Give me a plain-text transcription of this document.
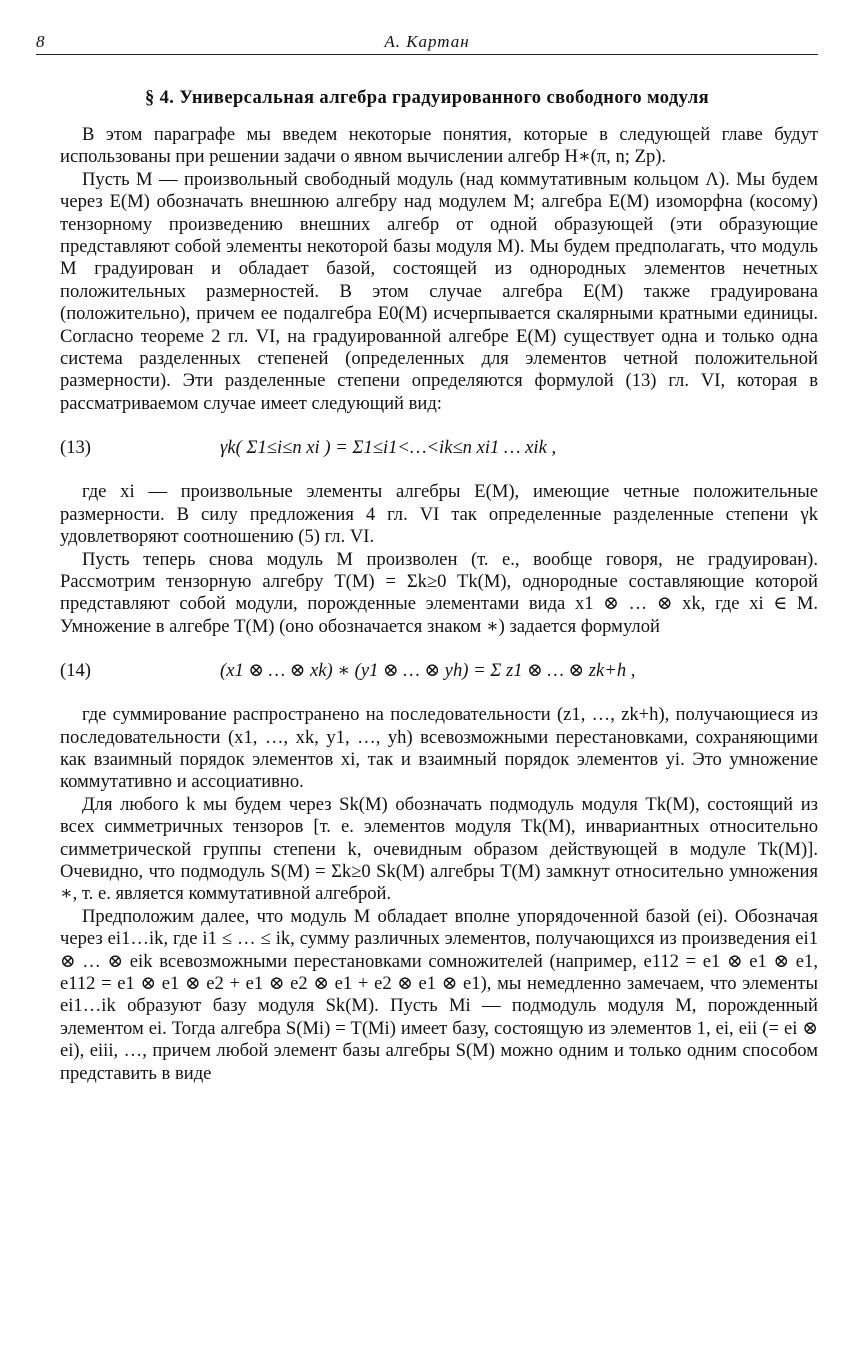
8	А. Картан
§ 4. Универсальная алгебра градуированного свободного модуля

В этом параграфе мы введем некоторые понятия, которые в следующей главе будут использованы при решении задачи о явном вычислении алгебр H∗(π, n; Zp).

Пусть M — произвольный свободный модуль (над коммутативным кольцом Λ). Мы будем через E(M) обозначать внешнюю алгебру над модулем M; алгебра E(M) изоморфна (косому) тензорному произведению внешних алгебр от одной образующей (эти образующие представляют собой элементы некоторой базы модуля M). Мы будем предполагать, что модуль M градуирован и обладает базой, состоящей из однородных элементов нечетных положительных размерностей. В этом случае алгебра E(M) также градуирована (положительно), причем ее подалгебра E0(M) исчерпывается скалярными кратными единицы. Согласно теореме 2 гл. VI, на градуированной алгебре E(M) существует одна и только одна система разделенных степеней (определенных для элементов четной положительной размерности). Эти разделенные степени определяются формулой (13) гл. VI, которая в рассматриваемом случае имеет следующий вид:

(13)	γk( Σ1≤i≤n xi ) = Σ1≤i1<…<ik≤n xi1 … xik ,

где xi — произвольные элементы алгебры E(M), имеющие четные положительные размерности. В силу предложения 4 гл. VI так определенные разделенные степени γk удовлетворяют соотношению (5) гл. VI.

Пусть теперь снова модуль M произволен (т. е., вообще говоря, не градуирован). Рассмотрим тензорную алгебру T(M) = Σk≥0 Tk(M), однородные составляющие которой представляют собой модули, порожденные элементами вида x1 ⊗ … ⊗ xk, где xi ∈ M. Умножение в алгебре T(M) (оно обозначается знаком ∗) задается формулой

(14)	(x1 ⊗ … ⊗ xk) ∗ (y1 ⊗ … ⊗ yh) = Σ z1 ⊗ … ⊗ zk+h ,

где суммирование распространено на последовательности (z1, …, zk+h), получающиеся из последовательности (x1, …, xk, y1, …, yh) всевозможными перестановками, сохраняющими как взаимный порядок элементов xi, так и взаимный порядок элементов yi. Это умножение коммутативно и ассоциативно.

Для любого k мы будем через Sk(M) обозначать подмодуль модуля Tk(M), состоящий из всех симметричных тензоров [т. е. элементов модуля Tk(M), инвариантных относительно симметрической группы степени k, очевидным образом действующей в модуле Tk(M)]. Очевидно, что подмодуль S(M) = Σk≥0 Sk(M) алгебры T(M) замкнут относительно умножения ∗, т. е. является коммутативной алгеброй.

Предположим далее, что модуль M обладает вполне упорядоченной базой (ei). Обозначая через ei1…ik, где i1 ≤ … ≤ ik, сумму различных элементов, получающихся из произведения ei1 ⊗ … ⊗ eik всевозможными перестановками сомножителей (например, e112 = e1 ⊗ e1 ⊗ e1, e112 = e1 ⊗ e1 ⊗ e2 + e1 ⊗ e2 ⊗ e1 + e2 ⊗ e1 ⊗ e1), мы немедленно замечаем, что элементы ei1…ik образуют базу модуля Sk(M). Пусть Mi — подмодуль модуля M, порожденный элементом ei. Тогда алгебра S(Mi) = T(Mi) имеет базу, состоящую из элементов 1, ei, eii (= ei ⊗ ei), eiii, …, причем любой элемент базы алгебры S(M) можно одним и только одним способом представить в виде
